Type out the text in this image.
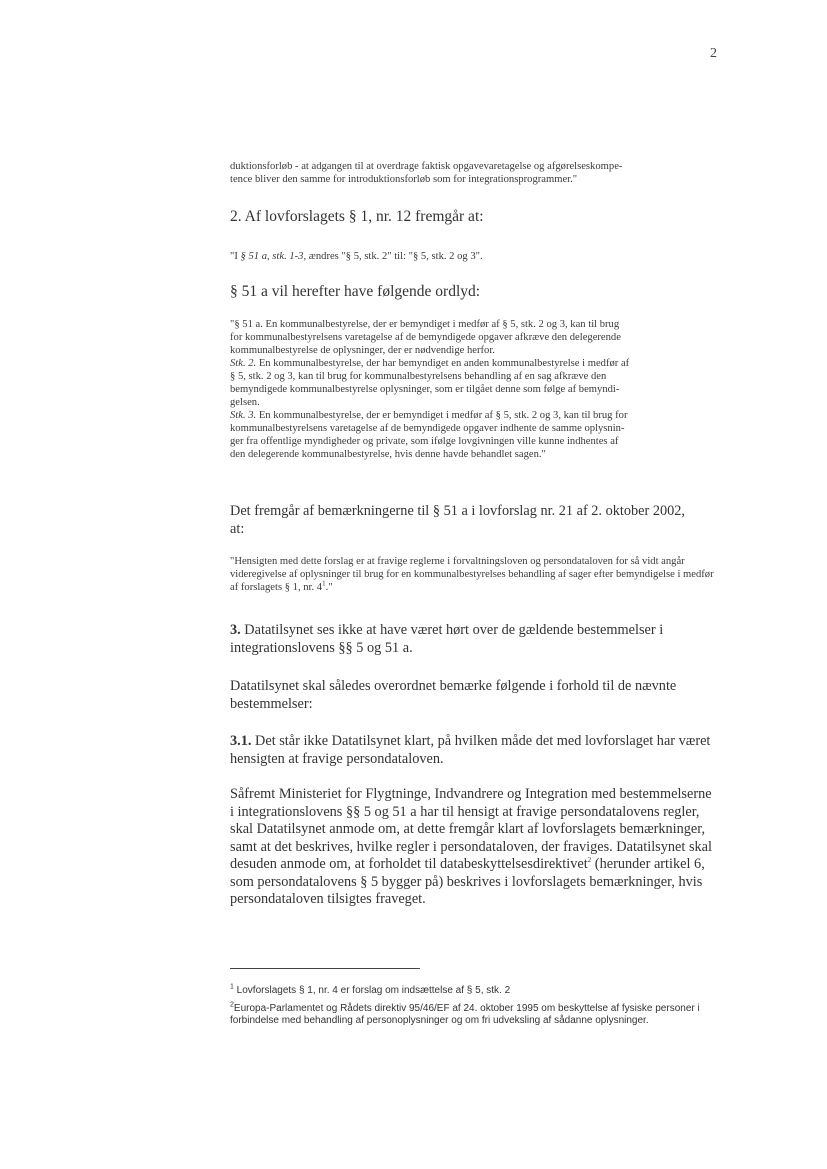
2

duktionsforløb - at adgangen til at overdrage faktisk opgavevaretagelse og afgørelseskompe-

tence bliver den samme for introduktionsforløb som for integrationsprogrammer."

2. Af lovforslagets § 1, nr. 12 fremgår at:
"I § 51 a, stk. 1-3, ændres "§ 5, stk. 2" til: "§ 5, stk. 2 og 3".
§ 51 a vil herefter have følgende ordlyd:

"§ 51 a. En kommunalbestyrelse, der er bemyndiget i medfør af § 5, stk. 2 og 3, kan til brug

for kommunalbestyrelsens varetagelse af de bemyndigede opgaver afkræve den delegerende

kommunalbestyrelse de oplysninger, der er nødvendige herfor.

Stk. 2. En kommunalbestyrelse, der har bemyndiget en anden kommunalbestyrelse i medfør af

§ 5, stk. 2 og 3, kan til brug for kommunalbestyrelsens behandling af en sag afkræve den

bemyndigede kommunalbestyrelse oplysninger, som er tilgået denne som følge af bemyndi-

gelsen.

Stk. 3. En kommunalbestyrelse, der er bemyndiget i medfør af § 5, stk. 2 og 3, kan til brug for

kommunalbestyrelsens varetagelse af de bemyndigede opgaver indhente de samme oplysnin-

ger fra offentlige myndigheder og private, som ifølge lovgivningen ville kunne indhentes af

den delegerende kommunalbestyrelse, hvis denne havde behandlet sagen."

Det fremgår af bemærkningerne til § 51 a i lovforslag nr. 21 af 2. oktober 2002, at:
"Hensigten med dette forslag er at fravige reglerne i forvaltningsloven og persondataloven for så vidt angår videregivelse af oplysninger til brug for en kommunalbestyrelses behandling af sager efter bemyndigelse i medfør af forslagets § 1, nr. $4^1$."
3. Datatilsynet ses ikke at have været hørt over de gældende bestemmelser i integrationslovens §§ 5 og 51 a.
Datatilsynet skal således overordnet bemærke følgende i forhold til de nævnte bestemmelser:
3.1. Det står ikke Datatilsynet klart, på hvilken måde det med lovforslaget har været hensigten at fravige persondataloven.
Såfremt Ministeriet for Flygtninge, Indvandrere og Integration med bestemmelserne i integrationslovens §§ 5 og 51 a har til hensigt at fravige persondatalovens regler, skal Datatilsynet anmode om, at dette fremgår klart af lovforslagets bemærkninger, samt at det beskrives, hvilke regler i persondataloven, der fraviges. Datatilsynet skal desuden anmode om, at forholdet til databeskyttelsesdirektivet$^2$ (herunder artikel 6, som persondatalovens § 5 bygger på) beskrives i lovforslagets bemærkninger, hvis persondataloven tilsigtes fraveget.
$^1$ Lovforslagets § 1, nr. 4 er forslag om indsættelse af § 5, stk. 2
$^2$Europa-Parlamentet og Rådets direktiv 95/46/EF af 24. oktober 1995 om beskyttelse af fysiske personer i forbindelse med behandling af personoplysninger og om fri udveksling af sådanne oplysninger.
